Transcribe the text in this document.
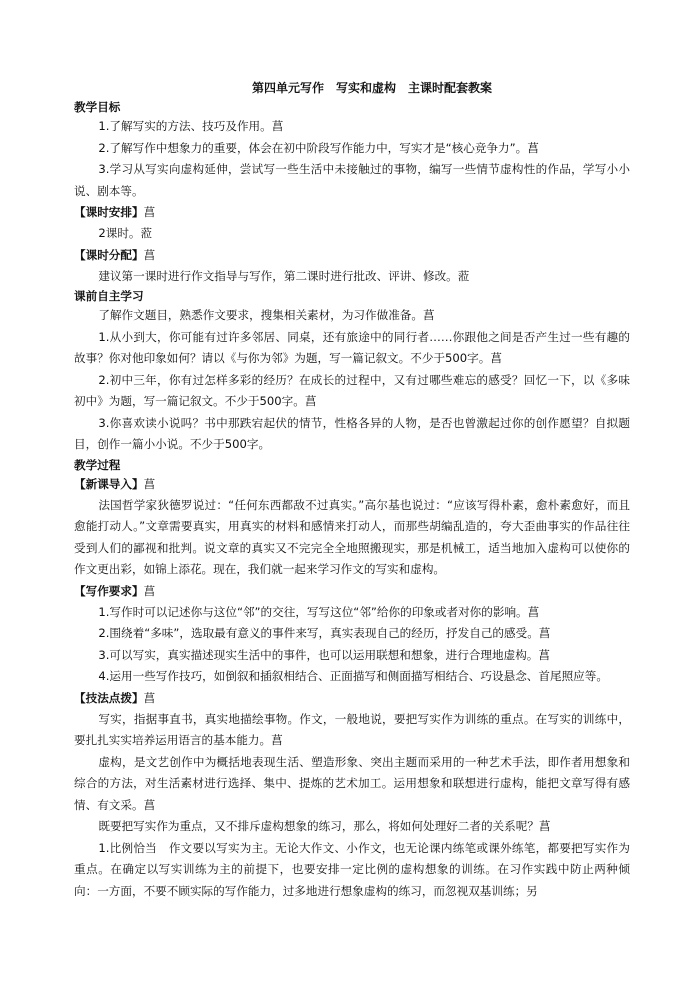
第四单元写作　写实和虚构　主课时配套教案
教学目标

1.了解写实的方法、技巧及作用。菖

2.了解写作中想象力的重要，体会在初中阶段写作能力中，写实才是“核心竞争力”。菖

3.学习从写实向虚构延伸，尝试写一些生活中未接触过的事物，编写一些情节虚构性的作品，学写小小说、剧本等。

【课时安排】菖

2课时。蒞

【课时分配】菖

建议第一课时进行作文指导与写作，第二课时进行批改、评讲、修改。蒞

课前自主学习

了解作文题目，熟悉作文要求，搜集相关素材，为习作做准备。菖

1.从小到大，你可能有过许多邻居、同桌，还有旅途中的同行者……你跟他之间是否产生过一些有趣的故事？你对他印象如何？请以《与你为邻》为题，写一篇记叙文。不少于500字。菖

2.初中三年，你有过怎样多彩的经历？在成长的过程中，又有过哪些难忘的感受？回忆一下，以《多味初中》为题，写一篇记叙文。不少于500字。菖

3.你喜欢读小说吗？书中那跌宕起伏的情节，性格各异的人物，是否也曾激起过你的创作愿望？自拟题目，创作一篇小小说。不少于500字。

教学过程
【新课导入】菖

法国哲学家狄德罗说过：“任何东西都敌不过真实。”高尔基也说过：“应该写得朴素，愈朴素愈好，而且愈能打动人。”文章需要真实，用真实的材料和感情来打动人，而那些胡编乱造的，夸大歪曲事实的作品往往受到人们的鄙视和批判。说文章的真实又不完完全全地照搬现实，那是机械工，适当地加入虚构可以使你的作文更出彩，如锦上添花。现在，我们就一起来学习作文的写实和虚构。

【写作要求】菖

1.写作时可以记述你与这位“邻”的交往，写写这位“邻”给你的印象或者对你的影响。菖

2.围绕着“多味”，选取最有意义的事件来写，真实表现自己的经历，抒发自己的感受。菖

3.可以写实，真实描述现实生活中的事件，也可以运用联想和想象，进行合理地虚构。菖

4.运用一些写作技巧，如倒叙和插叙相结合、正面描写和侧面描写相结合、巧设悬念、首尾照应等。

【技法点拨】菖

写实，指据事直书，真实地描绘事物。作文，一般地说，要把写实作为训练的重点。在写实的训练中，要扎扎实实培养运用语言的基本能力。菖

虚构，是文艺创作中为概括地表现生活、塑造形象、突出主题而采用的一种艺术手法，即作者用想象和综合的方法，对生活素材进行选择、集中、提炼的艺术加工。运用想象和联想进行虚构，能把文章写得有感情、有文采。菖

既要把写实作为重点，又不排斥虚构想象的练习，那么，将如何处理好二者的关系呢？菖

1.比例恰当　作文要以写实为主。无论大作文、小作文，也无论课内练笔或课外练笔，都要把写实作为重点。在确定以写实训练为主的前提下，也要安排一定比例的虚构想象的训练。在习作实践中防止两种倾向：一方面，不要不顾实际的写作能力，过多地进行想象虚构的练习，而忽视双基训练；另
